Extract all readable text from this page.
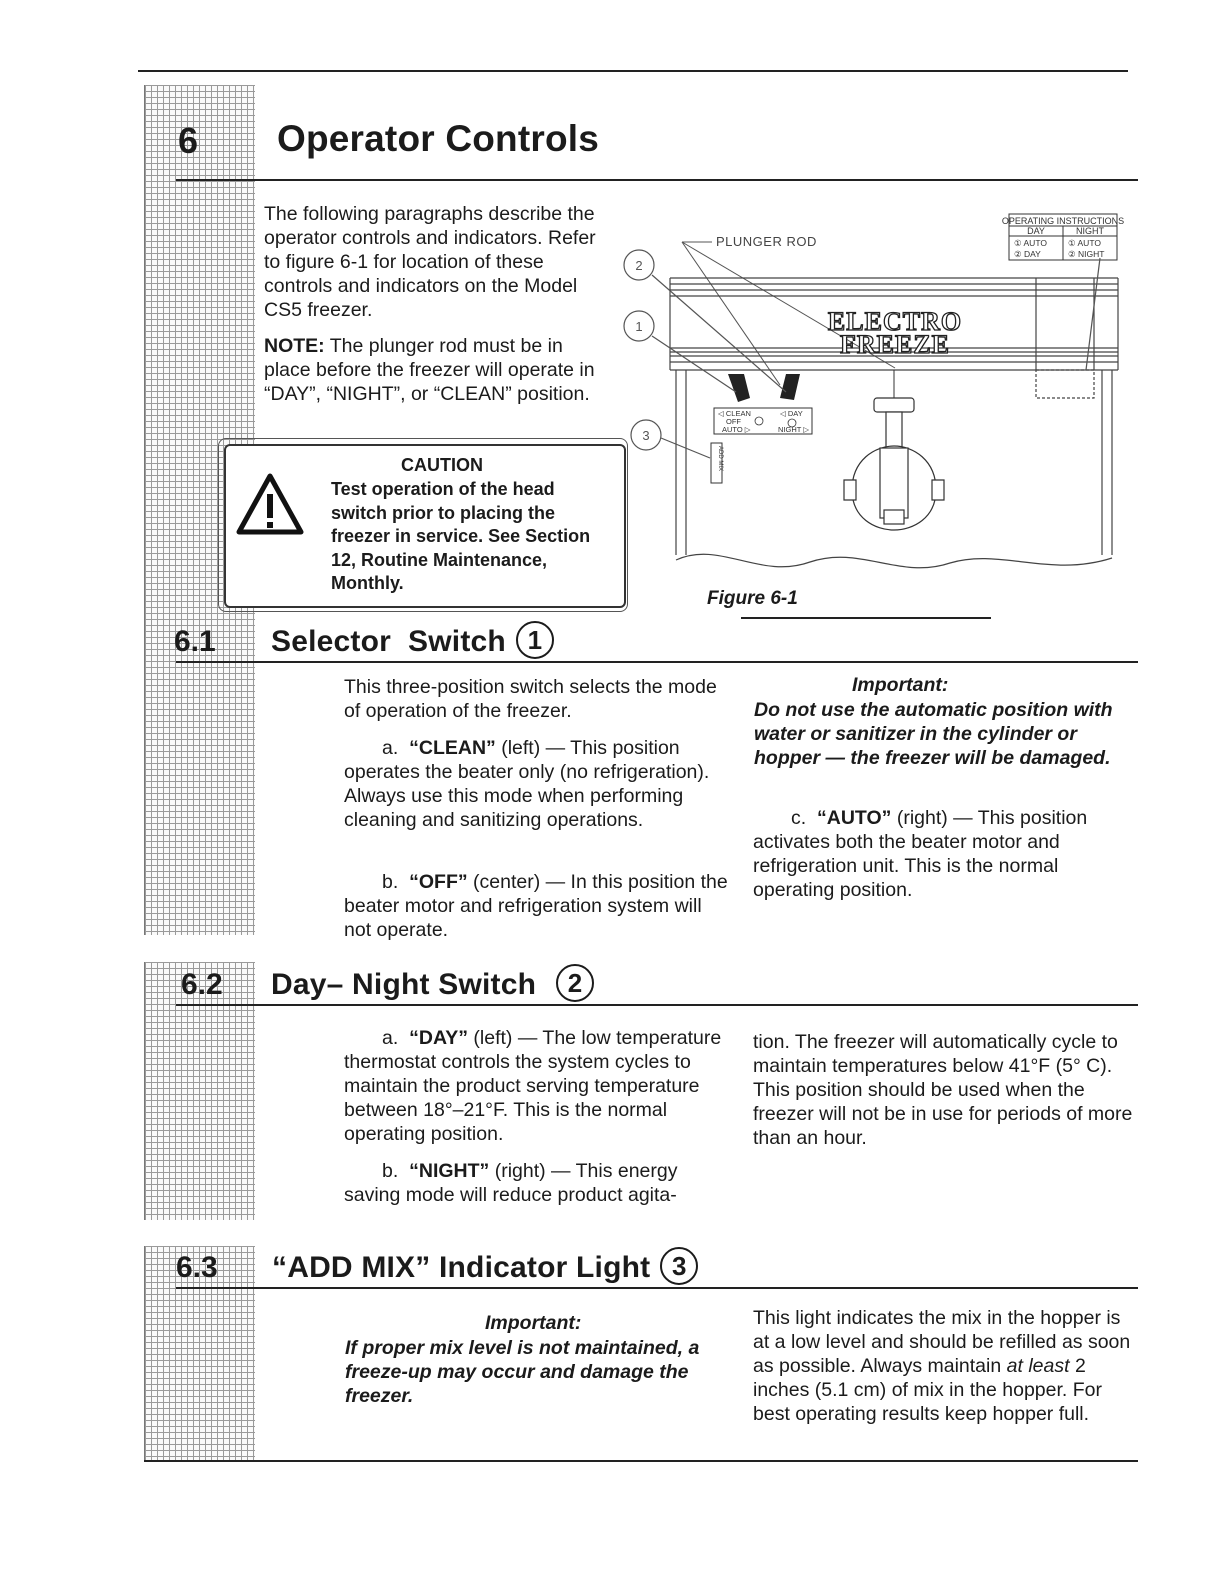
6 Operator Controls

The following paragraphs describe the operator controls and indicators. Refer to figure 6-1 for location of these controls and indicators on the Model CS5 freezer.

NOTE: The plunger rod must be in place before the freezer will operate in “DAY”, “NIGHT”, or “CLEAN” position.

CAUTION
Test operation of the head switch prior to placing the freezer in service. See Section 12, Routine Maintenance, Monthly.
OPERATING INSTRUCTIONS
DAY	NIGHT
① AUTO
② DAY
① AUTO
② NIGHT
PLUNGER ROD
ELECTRO
FREEZE
◁ CLEAN
OFF
AUTO ▷
◁ DAY
NIGHT ▷
ADD MIX
2
1
3
Figure 6-1
6.1 Selector  Switch 1

This three-position switch selects the mode of operation of the freezer.

a. “CLEAN” (left) — This position operates the beater only (no refrigeration). Always use this mode when performing cleaning and sanitizing operations.

b. “OFF” (center) — In this position the beater motor and refrigeration system will not operate.

Important:

Do not use the automatic position with water or sanitizer in the cylinder or hopper — the freezer will be damaged.

c. “AUTO” (right) — This position activates both the beater motor and refrigeration unit. This is the normal operating position.

6.2 Day– Night Switch 2

a. “DAY” (left) — The low temperature thermostat controls the system cycles to maintain the product serving temperature between 18°–21°F. This is the normal operating position.

b. “NIGHT” (right) — This energy saving mode will reduce product agita-

tion. The freezer will automatically cycle to maintain temperatures below 41°F (5° C). This position should be used when the freezer will not be in use for periods of more than an hour.

6.3 “ADD MIX” Indicator Light 3
Important:

If proper mix level is not maintained, a freeze-up may occur and damage the freezer.

This light indicates the mix in the hopper is at a low level and should be refilled as soon as possible. Always maintain at least 2 inches (5.1 cm) of mix in the hopper. For best operating results keep hopper full.
